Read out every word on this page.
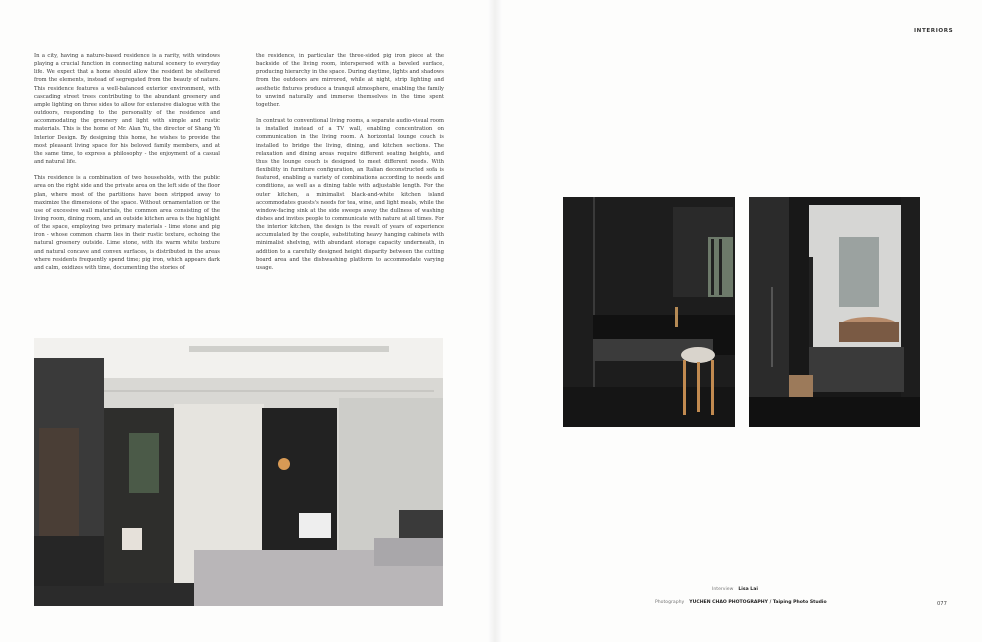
INTERIORS

In a city, having a nature-based residence is a rarity, with windows playing a crucial function in connecting natural scenery to everyday life. We expect that a home should allow the resident be sheltered from the elements, instead of segregated from the beauty of nature. This residence features a well-balanced exterior environment, with cascading street trees contributing to the abundant greenery and ample lighting on three sides to allow for extensive dialogue with the outdoors, responding to the personality of the residence and accommodating the greenery and light with simple and rustic materials. This is the home of Mr. Alan Yu, the director of Shang Yü Interior Design. By designing this home, he wishes to provide the most pleasant living space for his beloved family members, and at the same time, to express a philosophy - the enjoyment of a casual and natural life.

This residence is a combination of two households, with the public area on the right side and the private area on the left side of the floor plan, where most of the partitions have been stripped away to maximize the dimensions of the space. Without ornamentation or the use of excessive wall materials, the common area consisting of the living room, dining room, and an outside kitchen area is the highlight of the space, employing two primary materials - lime stone and pig iron - whose common charm lies in their rustic texture, echoing the natural greenery outside. Lime stone, with its warm white texture and natural concave and convex surfaces, is distributed in the areas where residents frequently spend time; pig iron, which appears dark and calm, oxidizes with time, documenting the stories of

the residence, in particular the three-sided pig iron piece at the backside of the living room, interspersed with a beveled surface, producing hierarchy in the space. During daytime, lights and shadows from the outdoors are mirrored, while at night, strip lighting and aesthetic fixtures produce a tranquil atmosphere, enabling the family to unwind naturally and immerse themselves in the time spent together.

In contrast to conventional living rooms, a separate audio-visual room is installed instead of a TV wall, enabling concentration on communication in the living room. A horizontal lounge couch is installed to bridge the living, dining, and kitchen sections. The relaxation and dining areas require different seating heights, and thus the lounge couch is designed to meet different needs. With flexibility in furniture configuration, an Italian deconstructed sofa is featured, enabling a variety of combinations according to needs and conditions, as well as a dining table with adjustable length. For the outer kitchen, a minimalist black-and-white kitchen island accommodates guests's needs for tea, wine, and light meals, while the window-facing sink at the side sweeps away the dullness of washing dishes and invites people to communicate with nature at all times. For the interior kitchen, the design is the result of years of experience accumulated by the couple, substituting heavy hanging cabinets with minimalist shelving, with abundant storage capacity underneath, in addition to a carefully designed height disparity between the cutting board area and the dishwashing platform to accommodate varying usage.

Interview Lisa Lai
Photography YUCHEN CHAO PHOTOGRAPHY / Taiping Photo Studio	077
